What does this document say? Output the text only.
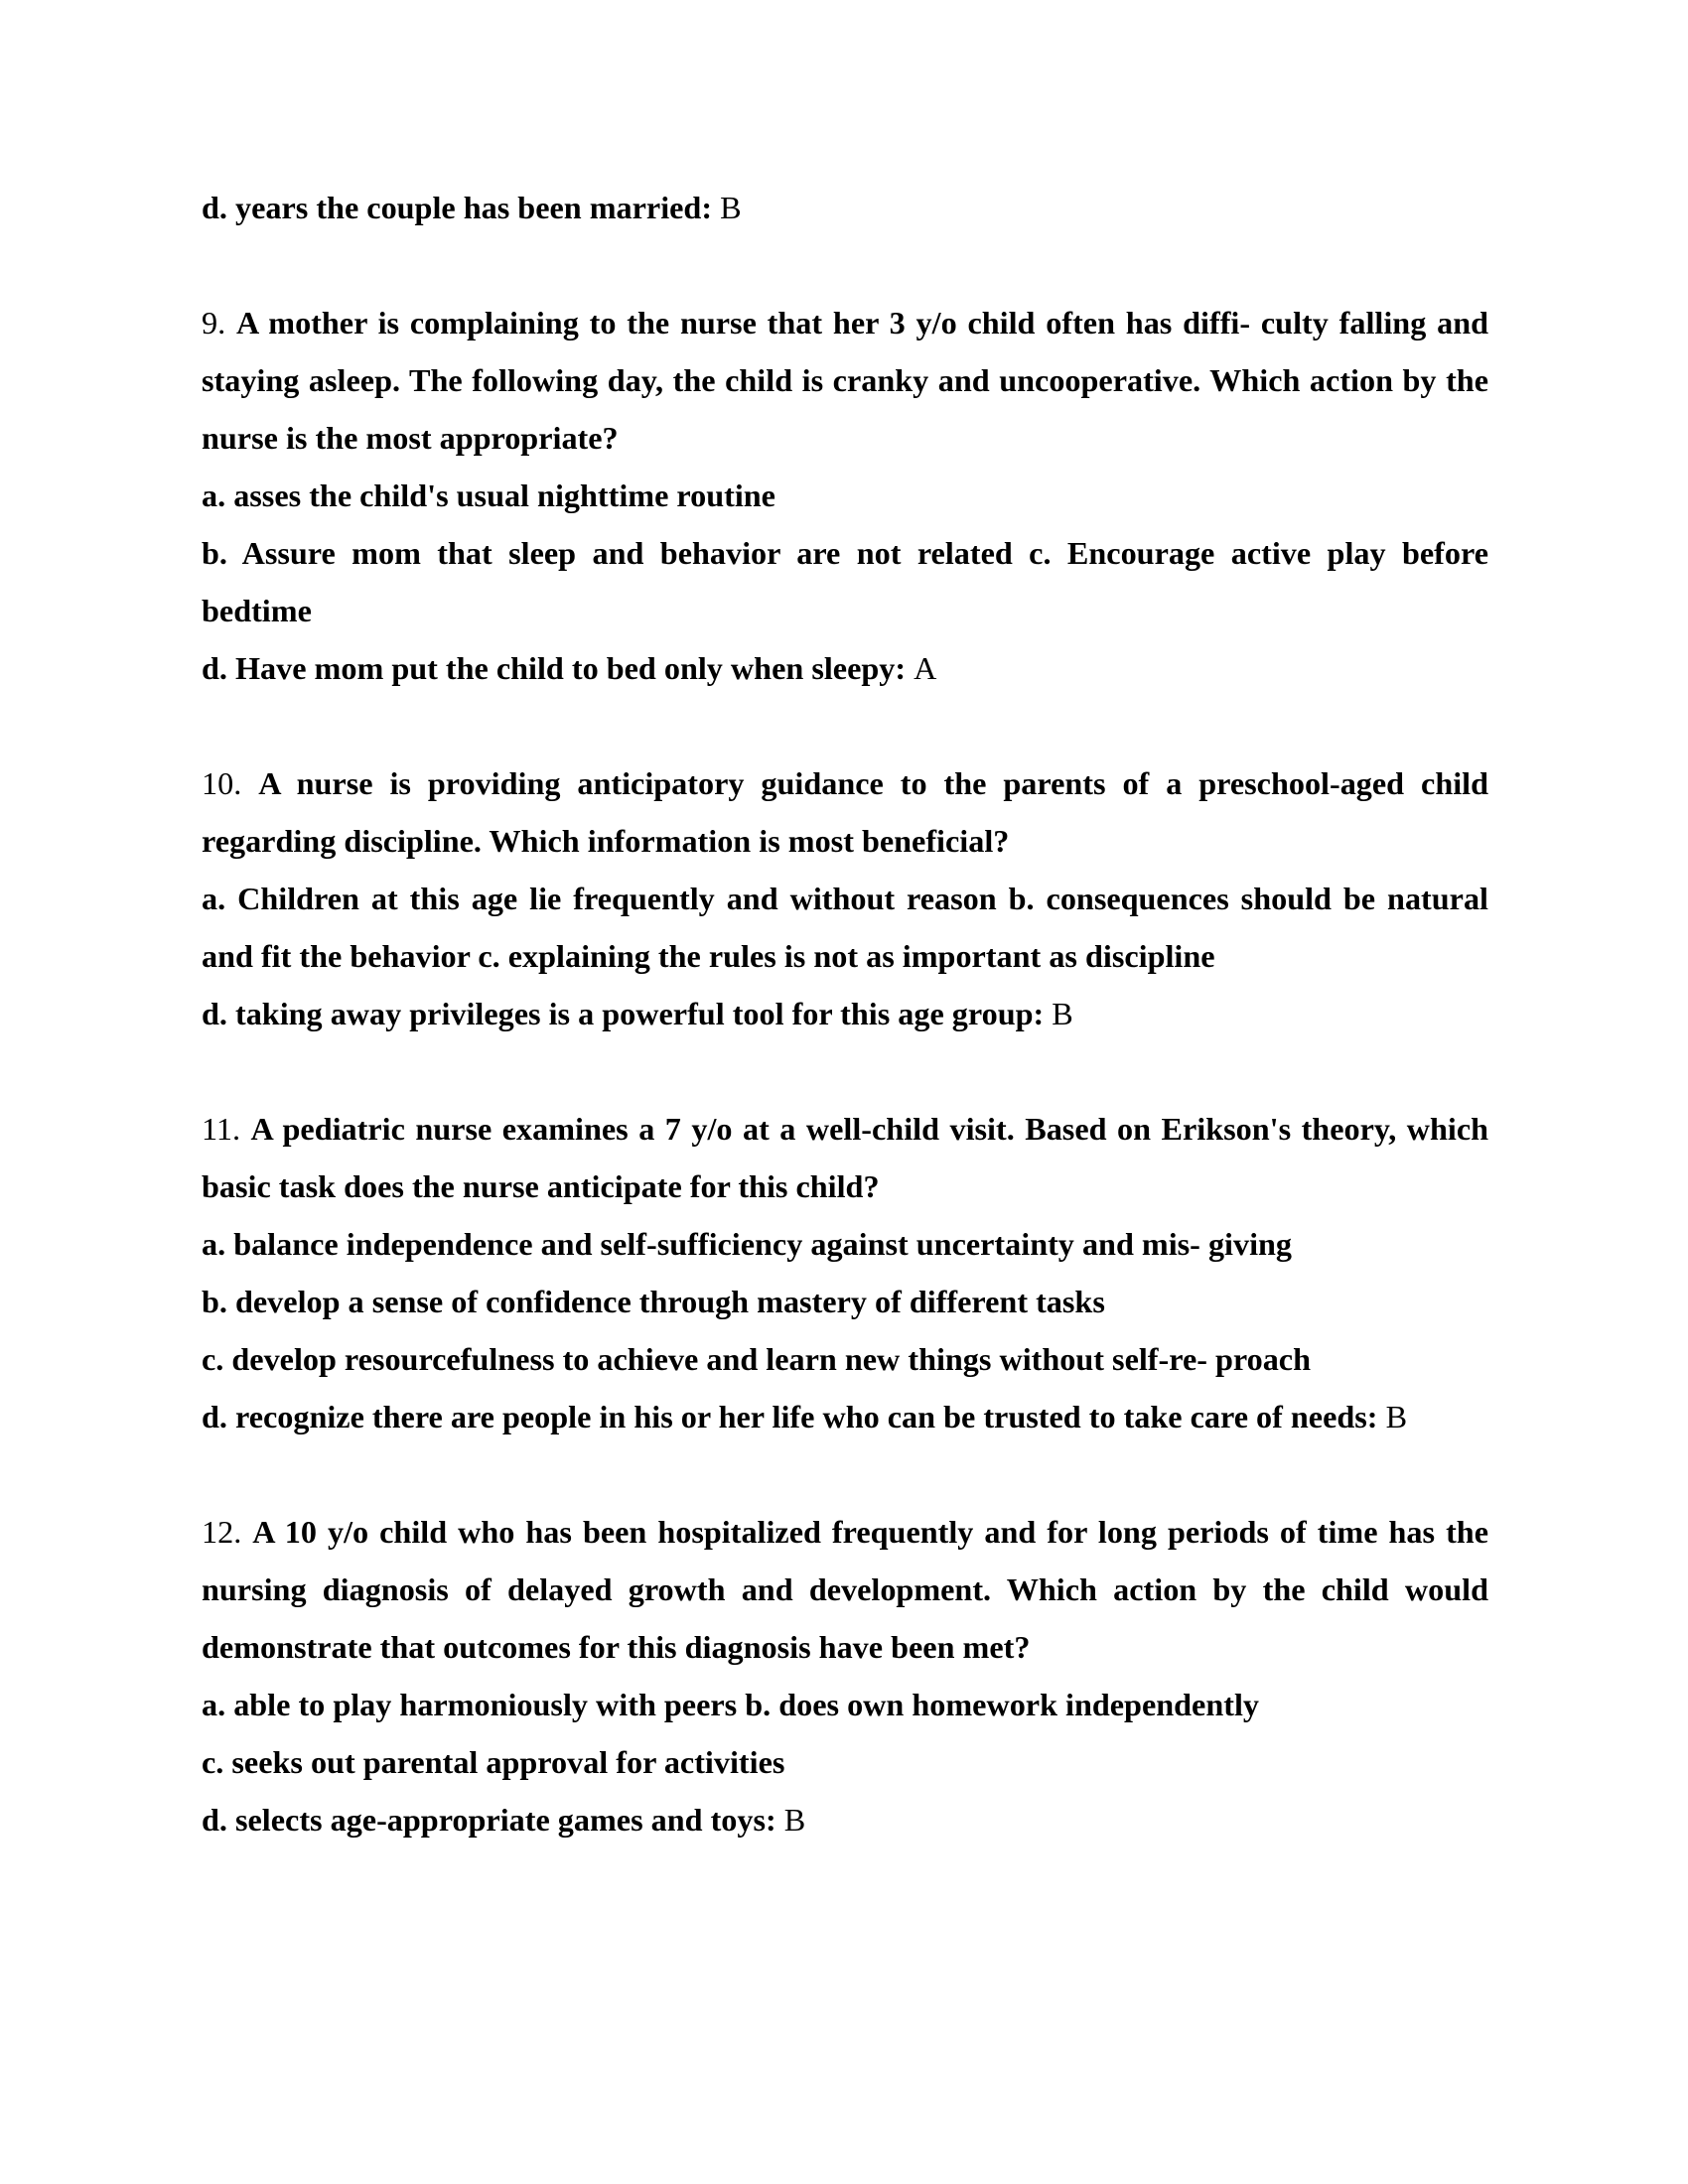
d. years the couple has been married: B

9. A mother is complaining to the nurse that her 3 y/o child often has diffi- culty falling and staying asleep. The following day, the child is cranky and uncooperative. Which action by the nurse is the most appropriate?

a. asses the child's usual nighttime routine

b. Assure mom that sleep and behavior are not related c. Encourage active play before bedtime

d. Have mom put the child to bed only when sleepy: A

10. A nurse is providing anticipatory guidance to the parents of a preschool-aged child regarding discipline. Which information is most beneficial?

a. Children at this age lie frequently and without reason b. consequences should be natural and fit the behavior c. explaining the rules is not as important as discipline

d. taking away privileges is a powerful tool for this age group: B

11. A pediatric nurse examines a 7 y/o at a well-child visit. Based on Erikson's theory, which basic task does the nurse anticipate for this child?

a. balance independence and self-sufficiency against uncertainty and mis- giving

b. develop a sense of confidence through mastery of different tasks

c. develop resourcefulness to achieve and learn new things without self-re- proach

d. recognize there are people in his or her life who can be trusted to take care of needs: B

12. A 10 y/o child who has been hospitalized frequently and for long periods of time has the nursing diagnosis of delayed growth and development. Which action by the child would demonstrate that outcomes for this diagnosis have been met?

a. able to play harmoniously with peers b. does own homework independently

c. seeks out parental approval for activities

d. selects age-appropriate games and toys: B
